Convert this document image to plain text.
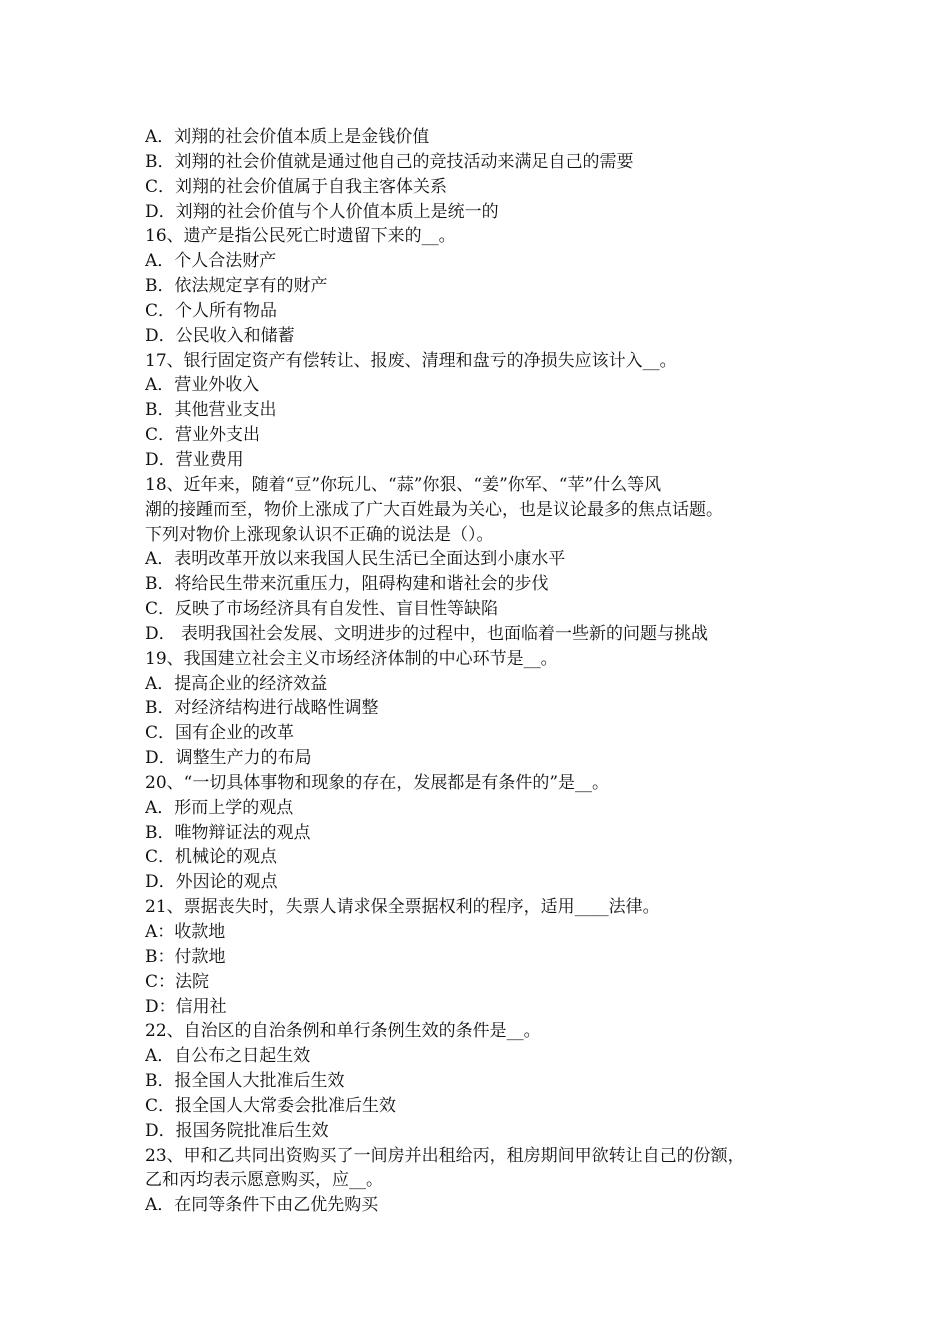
A．刘翔的社会价值本质上是金钱价值
B．刘翔的社会价值就是通过他自己的竞技活动来满足自己的需要
C．刘翔的社会价值属于自我主客体关系
D．刘翔的社会价值与个人价值本质上是统一的
16、遗产是指公民死亡时遗留下来的__。
A．个人合法财产
B．依法规定享有的财产
C．个人所有物品
D．公民收入和储蓄
17、银行固定资产有偿转让、报废、清理和盘亏的净损失应该计入__。
A．营业外收入
B．其他营业支出
C．营业外支出
D．营业费用
18、近年来，随着“豆”你玩儿、“蒜”你狠、“姜”你军、“苹”什么等风
潮的接踵而至，物价上涨成了广大百姓最为关心，也是议论最多的焦点话题。
下列对物价上涨现象认识不正确的说法是（）。
A．表明改革开放以来我国人民生活已全面达到小康水平
B．将给民生带来沉重压力，阻碍构建和谐社会的步伐
C．反映了市场经济具有自发性、盲目性等缺陷
D． 表明我国社会发展、文明进步的过程中，也面临着一些新的问题与挑战
19、我国建立社会主义市场经济体制的中心环节是__。
A．提高企业的经济效益
B．对经济结构进行战略性调整
C．国有企业的改革
D．调整生产力的布局
20、“一切具体事物和现象的存在，发展都是有条件的”是__。
A．形而上学的观点
B．唯物辩证法的观点
C．机械论的观点
D．外因论的观点
21、票据丧失时，失票人请求保全票据权利的程序，适用____法律。
A：收款地
B：付款地
C：法院
D：信用社
22、自治区的自治条例和单行条例生效的条件是__。
A．自公布之日起生效
B．报全国人大批准后生效
C．报全国人大常委会批准后生效
D．报国务院批准后生效
23、甲和乙共同出资购买了一间房并出租给丙，租房期间甲欲转让自己的份额，
乙和丙均表示愿意购买，应__。
A．在同等条件下由乙优先购买
